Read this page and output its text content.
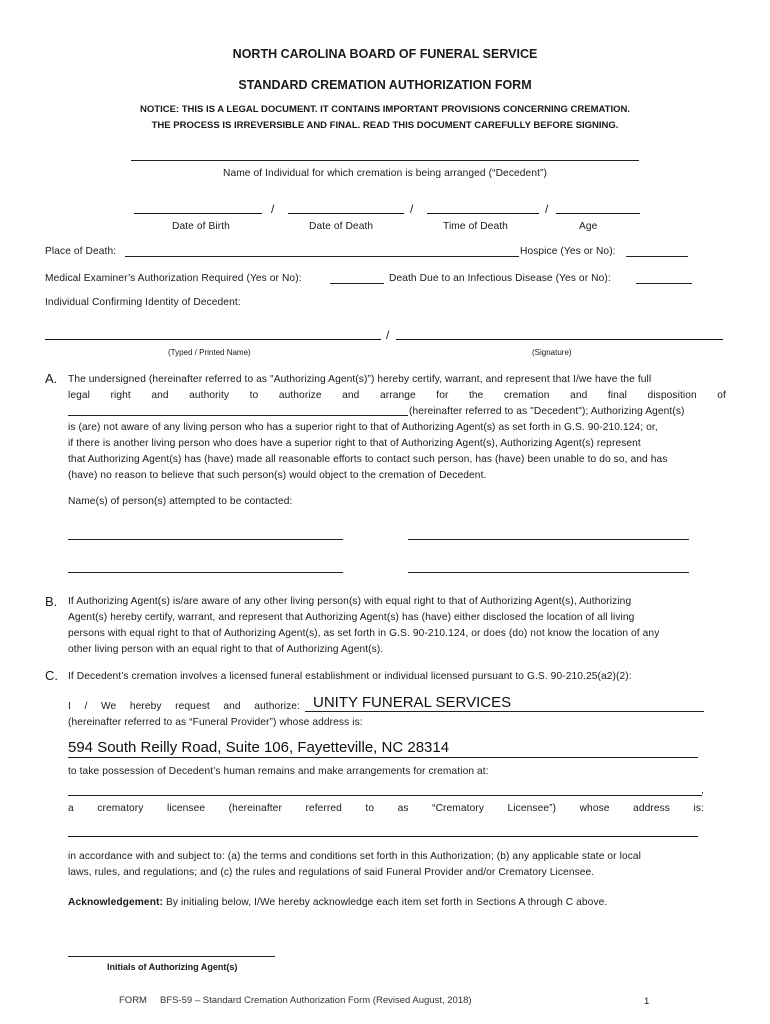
NORTH CAROLINA BOARD OF FUNERAL SERVICE
STANDARD CREMATION AUTHORIZATION FORM
NOTICE: THIS IS A LEGAL DOCUMENT. IT CONTAINS IMPORTANT PROVISIONS CONCERNING CREMATION.
THE PROCESS IS IRREVERSIBLE AND FINAL. READ THIS DOCUMENT CAREFULLY BEFORE SIGNING.
Name of Individual for which cremation is being arranged (“Decedent”)
/	/	/
Date of Birth	Date of Death	Time of Death	Age
Place of Death:	Hospice (Yes or No):
Medical Examiner’s Authorization Required (Yes or No):	Death Due to an Infectious Disease (Yes or No):
Individual Confirming Identity of Decedent:
/
(Typed / Printed Name)	(Signature)
A. The undersigned (hereinafter referred to as "Authorizing Agent(s)”) hereby certify, warrant, and represent that I/we have the full
legal right and authority to authorize and arrange for the cremation and final disposition of
(hereinafter referred to as "Decedent"); Authorizing Agent(s)
is (are) not aware of any living person who has a superior right to that of Authorizing Agent(s) as set forth in G.S. 90-210.124; or,
if there is another living person who does have a superior right to that of Authorizing Agent(s), Authorizing Agent(s) represent
that Authorizing Agent(s) has (have) made all reasonable efforts to contact such person, has (have) been unable to do so, and has
(have) no reason to believe that such person(s) would object to the cremation of Decedent.
Name(s) of person(s) attempted to be contacted:
B. If Authorizing Agent(s) is/are aware of any other living person(s) with equal right to that of Authorizing Agent(s), Authorizing
Agent(s) hereby certify, warrant, and represent that Authorizing Agent(s) has (have) either disclosed the location of all living
persons with equal right to that of Authorizing Agent(s), as set forth in G.S. 90-210.124, or does (do) not know the location of any
other living person with an equal right to that of Authorizing Agent(s).
C. If Decedent’s cremation involves a licensed funeral establishment or individual licensed pursuant to G.S. 90-210.25(a2)(2):
I / We hereby request and authorize: UNITY FUNERAL SERVICES
(hereinafter referred to as “Funeral Provider”) whose address is:
594 South Reilly Road, Suite 106, Fayetteville, NC 28314
to take possession of Decedent’s human remains and make arrangements for cremation at:
,
a crematory licensee (hereinafter referred to as “Crematory Licensee”) whose address is:
in accordance with and subject to: (a) the terms and conditions set forth in this Authorization; (b) any applicable state or local
laws, rules, and regulations; and (c) the rules and regulations of said Funeral Provider and/or Crematory Licensee.
Acknowledgement: By initialing below, I/We hereby acknowledge each item set forth in Sections A through C above.
Initials of Authorizing Agent(s)
FORM BFS-59 – Standard Cremation Authorization Form (Revised August, 2018)	1
